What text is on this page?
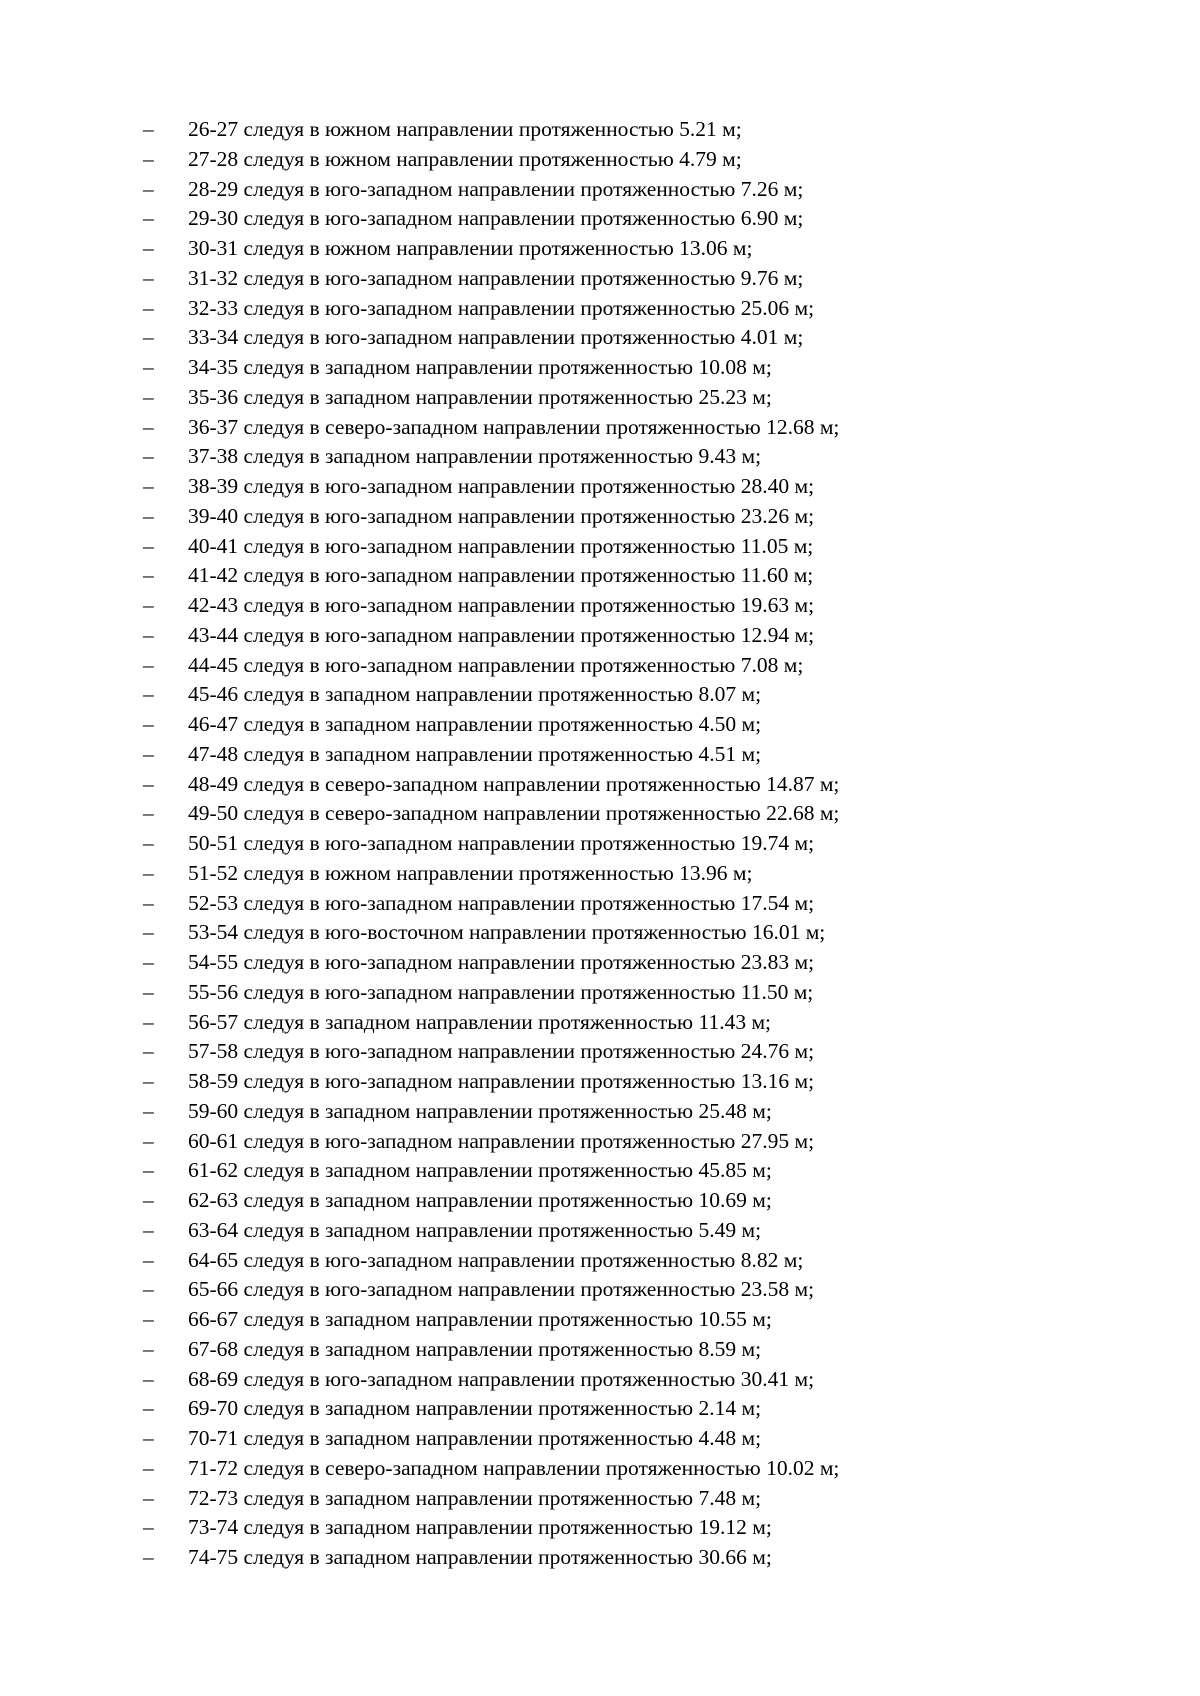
–	26-27 следуя в южном направлении протяженностью 5.21 м;
–	27-28 следуя в южном направлении протяженностью 4.79 м;
–	28-29 следуя в юго-западном направлении протяженностью 7.26 м;
–	29-30 следуя в юго-западном направлении протяженностью 6.90 м;
–	30-31 следуя в южном направлении протяженностью 13.06 м;
–	31-32 следуя в юго-западном направлении протяженностью 9.76 м;
–	32-33 следуя в юго-западном направлении протяженностью 25.06 м;
–	33-34 следуя в юго-западном направлении протяженностью 4.01 м;
–	34-35 следуя в западном направлении протяженностью 10.08 м;
–	35-36 следуя в западном направлении протяженностью 25.23 м;
–	36-37 следуя в северо-западном направлении протяженностью 12.68 м;
–	37-38 следуя в западном направлении протяженностью 9.43 м;
–	38-39 следуя в юго-западном направлении протяженностью 28.40 м;
–	39-40 следуя в юго-западном направлении протяженностью 23.26 м;
–	40-41 следуя в юго-западном направлении протяженностью 11.05 м;
–	41-42 следуя в юго-западном направлении протяженностью 11.60 м;
–	42-43 следуя в юго-западном направлении протяженностью 19.63 м;
–	43-44 следуя в юго-западном направлении протяженностью 12.94 м;
–	44-45 следуя в юго-западном направлении протяженностью 7.08 м;
–	45-46 следуя в западном направлении протяженностью 8.07 м;
–	46-47 следуя в западном направлении протяженностью 4.50 м;
–	47-48 следуя в западном направлении протяженностью 4.51 м;
–	48-49 следуя в северо-западном направлении протяженностью 14.87 м;
–	49-50 следуя в северо-западном направлении протяженностью 22.68 м;
–	50-51 следуя в юго-западном направлении протяженностью 19.74 м;
–	51-52 следуя в южном направлении протяженностью 13.96 м;
–	52-53 следуя в юго-западном направлении протяженностью 17.54 м;
–	53-54 следуя в юго-восточном направлении протяженностью 16.01 м;
–	54-55 следуя в юго-западном направлении протяженностью 23.83 м;
–	55-56 следуя в юго-западном направлении протяженностью 11.50 м;
–	56-57 следуя в западном направлении протяженностью 11.43 м;
–	57-58 следуя в юго-западном направлении протяженностью 24.76 м;
–	58-59 следуя в юго-западном направлении протяженностью 13.16 м;
–	59-60 следуя в западном направлении протяженностью 25.48 м;
–	60-61 следуя в юго-западном направлении протяженностью 27.95 м;
–	61-62 следуя в западном направлении протяженностью 45.85 м;
–	62-63 следуя в западном направлении протяженностью 10.69 м;
–	63-64 следуя в западном направлении протяженностью 5.49 м;
–	64-65 следуя в юго-западном направлении протяженностью 8.82 м;
–	65-66 следуя в юго-западном направлении протяженностью 23.58 м;
–	66-67 следуя в западном направлении протяженностью 10.55 м;
–	67-68 следуя в западном направлении протяженностью 8.59 м;
–	68-69 следуя в юго-западном направлении протяженностью 30.41 м;
–	69-70 следуя в западном направлении протяженностью 2.14 м;
–	70-71 следуя в западном направлении протяженностью 4.48 м;
–	71-72 следуя в северо-западном направлении протяженностью 10.02 м;
–	72-73 следуя в западном направлении протяженностью 7.48 м;
–	73-74 следуя в западном направлении протяженностью 19.12 м;
–	74-75 следуя в западном направлении протяженностью 30.66 м;
